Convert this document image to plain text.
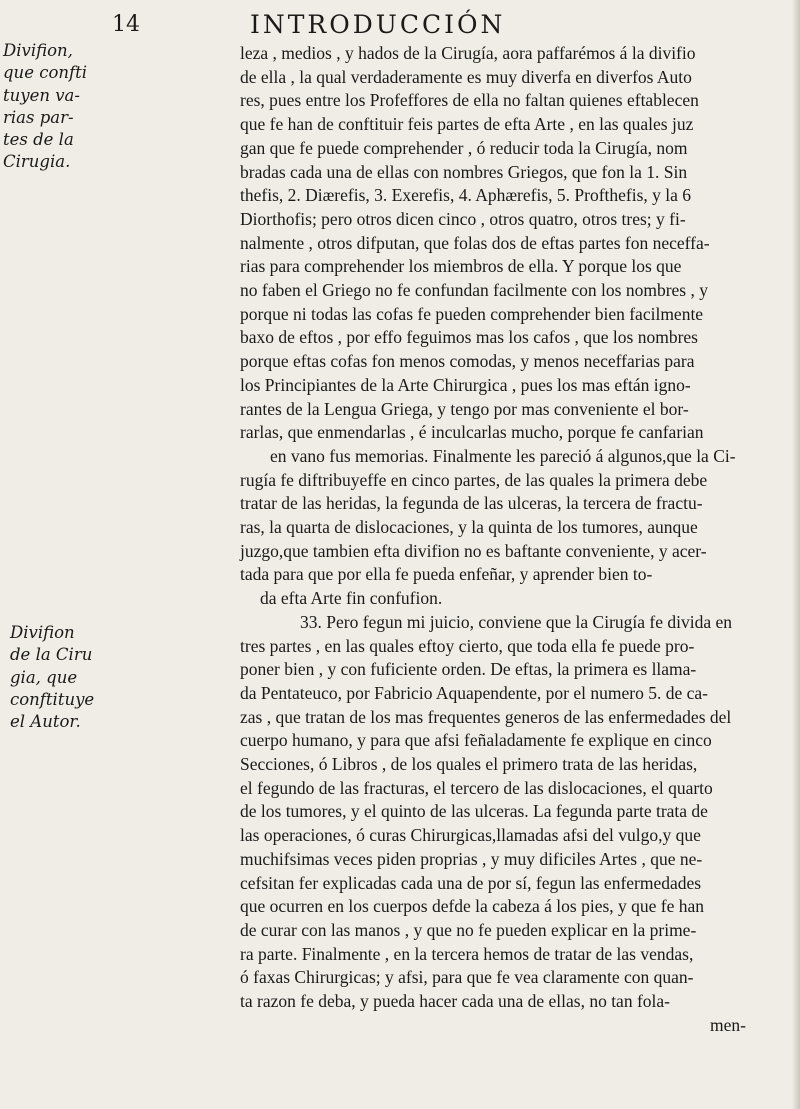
14	INTRODUCCIÓN
Divifion,
que confti
tuyen va-
rias par-
tes de la
Cirugia.
Divifion
de la Ciru
gia, que
conftituye
el Autor.
leza , medios , y hados de la Cirugía, aora paffarémos á la divifio
de ella , la qual verdaderamente es muy diverfa en diverfos Auto
res, pues entre los Profeffores de ella no faltan quienes eftablecen
que fe han de conftituir feis partes de efta Arte , en las quales juz
gan que fe puede comprehender , ó reducir toda la Cirugía, nom
bradas cada una de ellas con nombres Griegos, que fon la 1. Sin
thefis, 2. Diærefis, 3. Exerefis, 4. Aphærefis, 5. Profthefis, y la 6
Diorthofis; pero otros dicen cinco , otros quatro, otros tres; y fi-
nalmente , otros difputan, que folas dos de eftas partes fon neceffa-
rias para comprehender los miembros de ella. Y porque los que
no faben el Griego no fe confundan facilmente con los nombres , y
porque ni todas las cofas fe pueden comprehender bien facilmente
baxo de eftos , por effo feguimos mas los cafos , que los nombres
porque eftas cofas fon menos comodas, y menos neceffarias para
los Principiantes de la Arte Chirurgica , pues los mas eftán igno-
rantes de la Lengua Griega, y tengo por mas conveniente el bor-
rarlas, que enmendarlas , é inculcarlas mucho, porque fe canfarian
en vano fus memorias. Finalmente les pareció á algunos,que la Ci-
rugía fe diftribuyeffe en cinco partes, de las quales la primera debe
tratar de las heridas, la fegunda de las ulceras, la tercera de fractu-
ras, la quarta de dislocaciones, y la quinta de los tumores, aunque
juzgo,que tambien efta divifion no es baftante conveniente, y acer-
tada para que por ella fe pueda enfeñar, y aprender bien to-
da efta Arte fin confufion.
33. Pero fegun mi juicio, conviene que la Cirugía fe divida en
tres partes , en las quales eftoy cierto, que toda ella fe puede pro-
poner bien , y con fuficiente orden. De eftas, la primera es llama-
da Pentateuco, por Fabricio Aquapendente, por el numero 5. de ca-
zas , que tratan de los mas frequentes generos de las enfermedades del
cuerpo humano, y para que afsi feñaladamente fe explique en cinco
Secciones, ó Libros , de los quales el primero trata de las heridas,
el fegundo de las fracturas, el tercero de las dislocaciones, el quarto
de los tumores, y el quinto de las ulceras. La fegunda parte trata de
las operaciones, ó curas Chirurgicas,llamadas afsi del vulgo,y que
muchifsimas veces piden proprias , y muy dificiles Artes , que ne-
cefsitan fer explicadas cada una de por sí, fegun las enfermedades
que ocurren en los cuerpos defde la cabeza á los pies, y que fe han
de curar con las manos , y que no fe pueden explicar en la prime-
ra parte. Finalmente , en la tercera hemos de tratar de las vendas,
ó faxas Chirurgicas; y afsi, para que fe vea claramente con quan-
ta razon fe deba, y pueda hacer cada una de ellas, no tan fola-
men-
